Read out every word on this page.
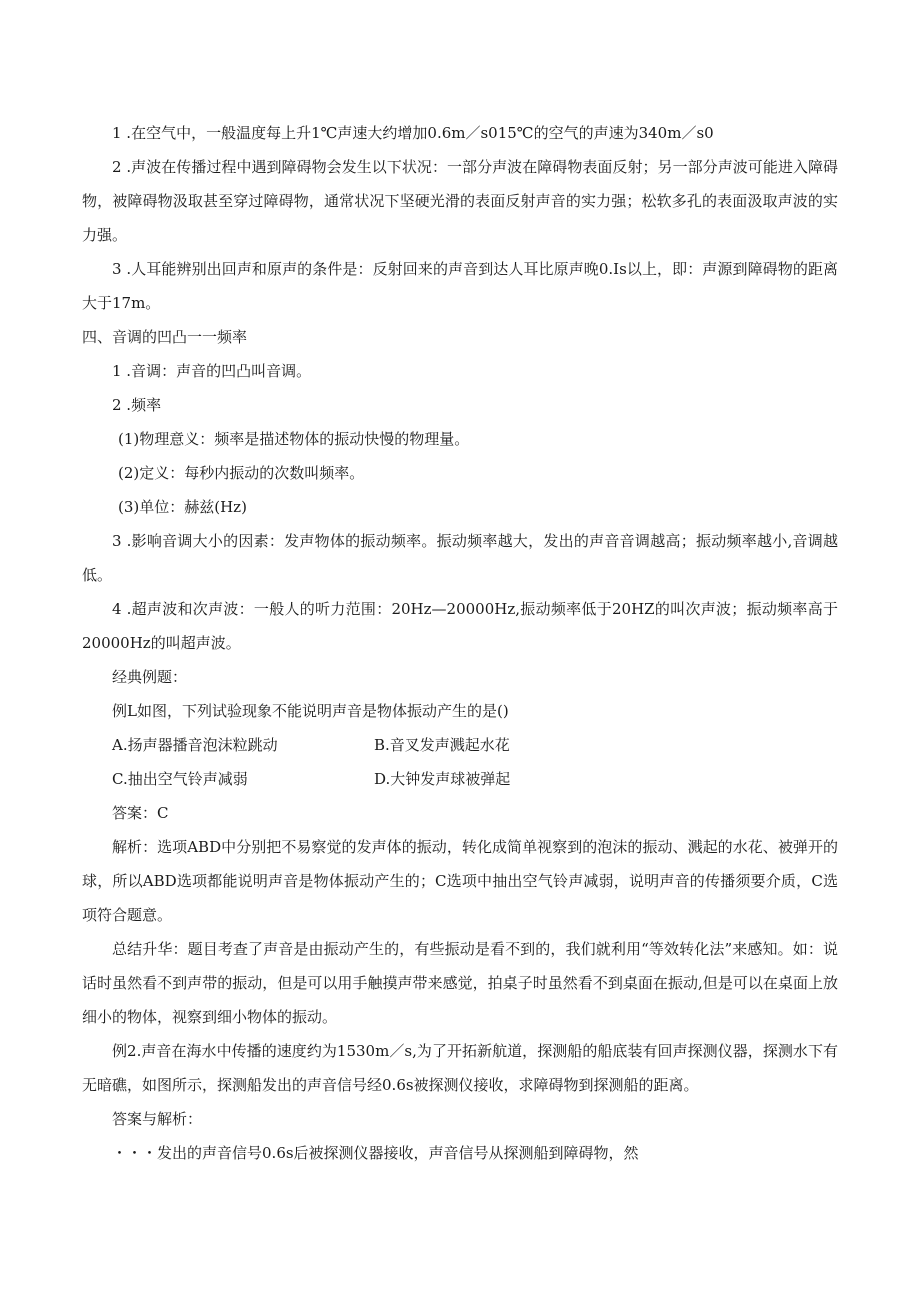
1 .在空气中，一般温度每上升1℃声速大约增加0.6m／s015℃的空气的声速为340m／s0

2 .声波在传播过程中遇到障碍物会发生以下状况：一部分声波在障碍物表面反射；另一部分声波可能进入障碍物，被障碍物汲取甚至穿过障碍物，通常状况下坚硬光滑的表面反射声音的实力强；松软多孔的表面汲取声波的实力强。

3 .人耳能辨别出回声和原声的条件是：反射回来的声音到达人耳比原声晚0.Is以上，即：声源到障碍物的距离大于17m。

四、音调的凹凸一一频率

1 .音调：声音的凹凸叫音调。

2 .频率

(1)物理意义：频率是描述物体的振动快慢的物理量。

(2)定义：每秒内振动的次数叫频率。

(3)单位：赫兹(Hz)

3 .影响音调大小的因素：发声物体的振动频率。振动频率越大，发出的声音音调越高；振动频率越小,音调越低。

4 .超声波和次声波：一般人的听力范围：20Hz—20000Hz,振动频率低于20HZ的叫次声波；振动频率高于20000Hz的叫超声波。

经典例题：

例L如图，下列试验现象不能说明声音是物体振动产生的是()

A.扬声器播音泡沫粒跳动	B.音叉发声溅起水花
C.抽出空气铃声减弱	D.大钟发声球被弹起

答案：C

解析：选项ABD中分别把不易察觉的发声体的振动，转化成简单视察到的泡沫的振动、溅起的水花、被弹开的球，所以ABD选项都能说明声音是物体振动产生的；C选项中抽出空气铃声减弱，说明声音的传播须要介质，C选项符合题意。

总结升华：题目考查了声音是由振动产生的，有些振动是看不到的，我们就利用“等效转化法”来感知。如：说话时虽然看不到声带的振动，但是可以用手触摸声带来感觉，拍桌子时虽然看不到桌面在振动,但是可以在桌面上放细小的物体，视察到细小物体的振动。

例2.声音在海水中传播的速度约为1530m／s,为了开拓新航道，探测船的船底装有回声探测仪器，探测水下有无暗礁，如图所示，探测船发出的声音信号经0.6s被探测仪接收，求障碍物到探测船的距离。

答案与解析：

・・・发出的声音信号0.6s后被探测仪器接收，声音信号从探测船到障碍物，然
